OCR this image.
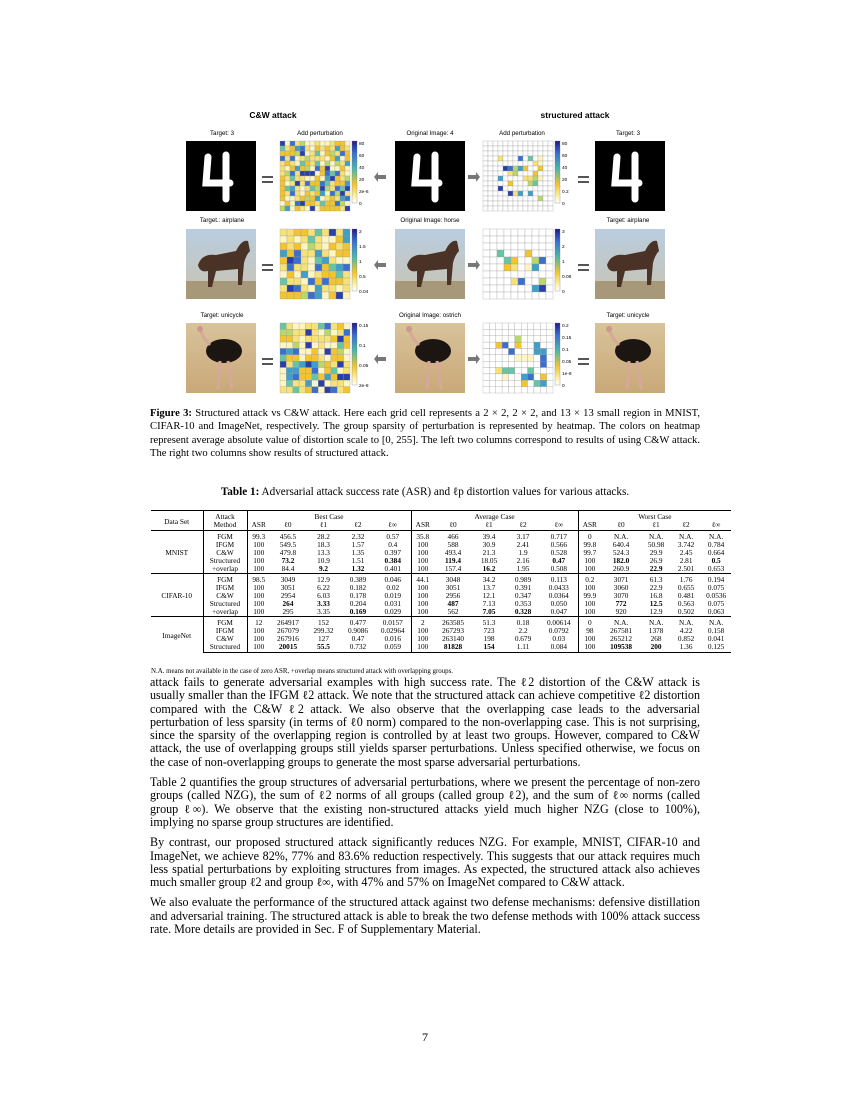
C&W attack	structured attack
Target: 3	Add perturbation	Original Image: 4	Add perturbation	Target: 3
Target.: airplane	Original Image: horse	Target: airplane
Target: unicycle	Original Image: ostrich	Target: unicycle
80
60
40
20
2e-6
0
80
60
40
20
0.2
0
2
1.5
1
0.5
0.04
3
2
1
0.08
0
0.15
0.1
0.05
2e-8
0.2
0.15
0.1
0.05
1e-8
0
Figure 3: Structured attack vs C&W attack. Here each grid cell represents a 2 × 2, 2 × 2, and 13 × 13 small region in MNIST, CIFAR-10 and ImageNet, respectively. The group sparsity of perturbation is represented by heatmap. The colors on heatmap represent average absolute value of distortion scale to [0, 255]. The left two columns correspond to results of using C&W attack. The right two columns show results of structured attack.
Table 1: Adversarial attack success rate (ASR) and ℓp distortion values for various attacks.
Data Set	Attack	Best Case					Average Case					Worst Case				
	Method	ASR	ℓ0	ℓ1	ℓ2	ℓ∞	ASR	ℓ0	ℓ1	ℓ2	ℓ∞	ASR	ℓ0	ℓ1	ℓ2	ℓ∞
MNIST	FGM	99.3	456.5	28.2	2.32	0.57	35.8	466	39.4	3.17	0.717	0	N.A.	N.A.	N.A.	N.A.
	IFGM	100	549.5	18.3	1.57	0.4	100	588	30.9	2.41	0.566	99.8	640.4	50.98	3.742	0.784
	C&W	100	479.8	13.3	1.35	0.397	100	493.4	21.3	1.9	0.528	99.7	524.3	29.9	2.45	0.664
	Structured	100	73.2	10.9	1.51	0.384	100	119.4	18.05	2.16	0.47	100	182.0	26.9	2.81	0.5
	+overlap	100	84.4	9.2	1.32	0.401	100	157.4	16.2	1.95	0.508	100	260.9	22.9	2.501	0.653
CIFAR-10	FGM	98.5	3049	12.9	0.389	0.046	44.1	3048	34.2	0.989	0.113	0.2	3071	61.3	1.76	0.194
	IFGM	100	3051	6.22	0.182	0.02	100	3051	13.7	0.391	0.0433	100	3060	22.9	0.655	0.075
	C&W	100	2954	6.03	0.178	0.019	100	2956	12.1	0.347	0.0364	99.9	3070	16.8	0.481	0.0536
	Structured	100	264	3.33	0.204	0.031	100	487	7.13	0.353	0.050	100	772	12.5	0.563	0.075
	+overlap	100	295	3.35	0.169	0.029	100	562	7.05	0.328	0.047	100	920	12.9	0.502	0.063
ImageNet	FGM	12	264917	152	0.477	0.0157	2	263585	51.3	0.18	0.00614	0	N.A.	N.A.	N.A.	N.A.
	IFGM	100	267079	299.32	0.9086	0.02964	100	267293	723	2.2	0.0792	98	267581	1378	4.22	0.158
	C&W	100	267916	127	0.47	0.016	100	263140	198	0.679	0.03	100	265212	268	0.852	0.041
	Structured	100	20015	55.5	0.732	0.059	100	81828	154	1.11	0.084	100	109538	200	1.36	0.125
N.A. means not available in the case of zero ASR, +overlap means structured attack with overlapping groups.

attack fails to generate adversarial examples with high success rate. The ℓ2 distortion of the C&W attack is usually smaller than the IFGM ℓ2 attack. We note that the structured attack can achieve competitive ℓ2 distortion compared with the C&W ℓ2 attack. We also observe that the overlapping case leads to the adversarial perturbation of less sparsity (in terms of ℓ0 norm) compared to the non-overlapping case. This is not surprising, since the sparsity of the overlapping region is controlled by at least two groups. However, compared to C&W attack, the use of overlapping groups still yields sparser perturbations. Unless specified otherwise, we focus on the case of non-overlapping groups to generate the most sparse adversarial perturbations.

Table 2 quantifies the group structures of adversarial perturbations, where we present the percentage of non-zero groups (called NZG), the sum of ℓ2 norms of all groups (called group ℓ2), and the sum of ℓ∞ norms (called group ℓ∞). We observe that the existing non-structured attacks yield much higher NZG (close to 100%), implying no sparse group structures are identified.

By contrast, our proposed structured attack significantly reduces NZG. For example, MNIST, CIFAR-10 and ImageNet, we achieve 82%, 77% and 83.6% reduction respectively. This suggests that our attack requires much less spatial perturbations by exploiting structures from images. As expected, the structured attack also achieves much smaller group ℓ2 and group ℓ∞, with 47% and 57% on ImageNet compared to C&W attack.

We also evaluate the performance of the structured attack against two defense mechanisms: defensive distillation and adversarial training. The structured attack is able to break the two defense methods with 100% attack success rate. More details are provided in Sec. F of Supplementary Material.

7
